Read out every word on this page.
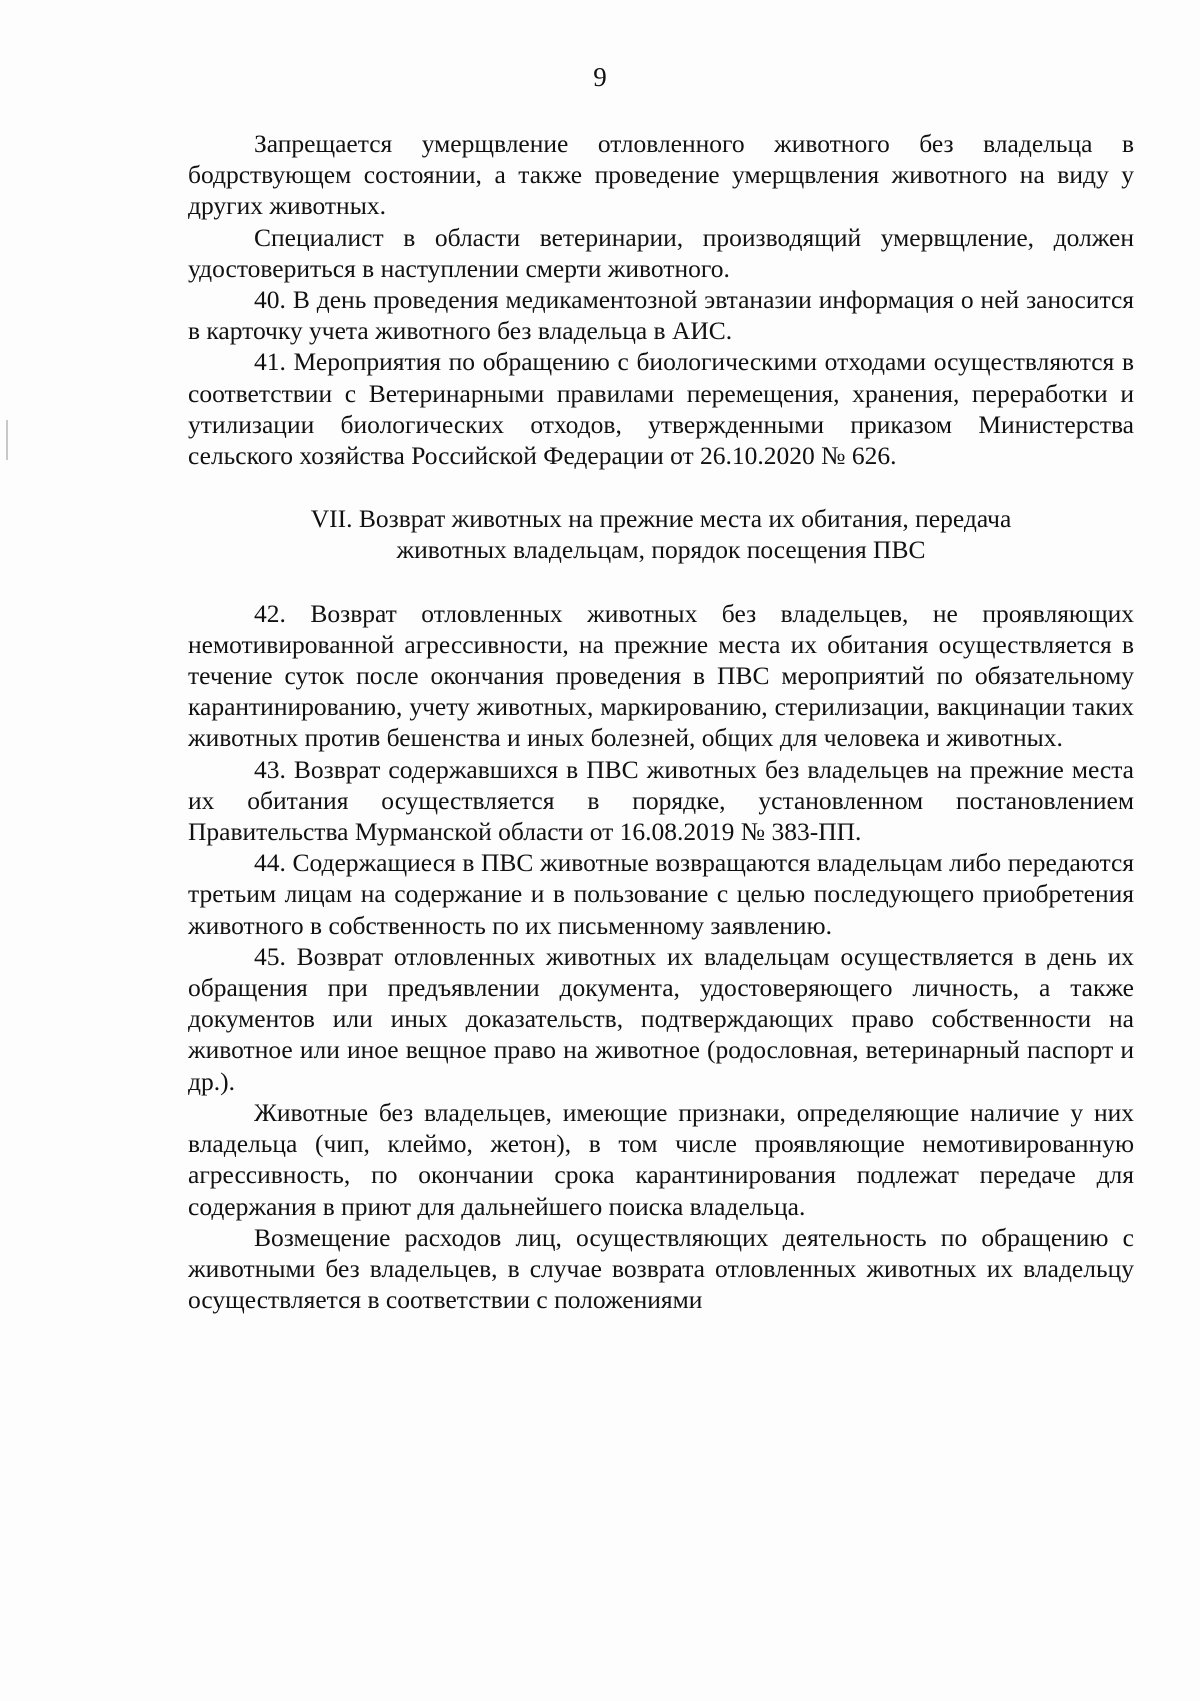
9

Запрещается умерщвление отловленного животного без владельца в бодрствующем состоянии, а также проведение умерщвления животного на виду у других животных.

Специалист в области ветеринарии, производящий умервщление, должен удостовериться в наступлении смерти животного.

40. В день проведения медикаментозной эвтаназии информация о ней заносится в карточку учета животного без владельца в АИС.

41. Мероприятия по обращению с биологическими отходами осуществляются в соответствии с Ветеринарными правилами перемещения, хранения, переработки и утилизации биологических отходов, утвержденными приказом Министерства сельского хозяйства Российской Федерации от 26.10.2020 № 626.

VII. Возврат животных на прежние места их обитания, передача животных владельцам, порядок посещения ПВС

42. Возврат отловленных животных без владельцев, не проявляющих немотивированной агрессивности, на прежние места их обитания осуществляется в течение суток после окончания проведения в ПВС мероприятий по обязательному карантинированию, учету животных, маркированию, стерилизации, вакцинации таких животных против бешенства и иных болезней, общих для человека и животных.

43. Возврат содержавшихся в ПВС животных без владельцев на прежние места их обитания осуществляется в порядке, установленном постановлением Правительства Мурманской области от 16.08.2019 № 383-ПП.

44. Содержащиеся в ПВС животные возвращаются владельцам либо передаются третьим лицам на содержание и в пользование с целью последующего приобретения животного в собственность по их письменному заявлению.

45. Возврат отловленных животных их владельцам осуществляется в день их обращения при предъявлении документа, удостоверяющего личность, а также документов или иных доказательств, подтверждающих право собственности на животное или иное вещное право на животное (родословная, ветеринарный паспорт и др.).

Животные без владельцев, имеющие признаки, определяющие наличие у них владельца (чип, клеймо, жетон), в том числе проявляющие немотивированную агрессивность, по окончании срока карантинирования подлежат передаче для содержания в приют для дальнейшего поиска владельца.

Возмещение расходов лиц, осуществляющих деятельность по обращению с животными без владельцев, в случае возврата отловленных животных их владельцу осуществляется в соответствии с положениями
